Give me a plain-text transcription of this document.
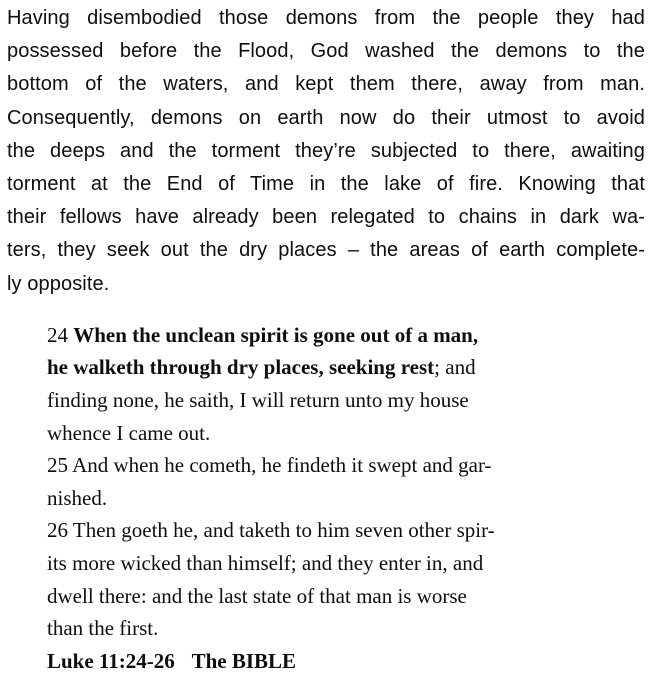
Having disembodied those demons from the people they had
possessed before the Flood, God washed the demons to the
bottom of the waters, and kept them there, away from man.
Consequently, demons on earth now do their utmost to avoid
the deeps and the torment they’re subjected to there, awaiting
torment at the End of Time in the lake of fire. Knowing that
their fellows have already been relegated to chains in dark wa-
ters, they seek out the dry places – the areas of earth complete-
ly opposite.
24 When the unclean spirit is gone out of a man,
he walketh through dry places, seeking rest; and
finding none, he saith, I will return unto my house
whence I came out.
25 And when he cometh, he findeth it swept and gar-
nished.
26 Then goeth he, and taketh to him seven other spir-
its more wicked than himself; and they enter in, and
dwell there: and the last state of that man is worse
than the first.
Luke 11:24-26 The BIBLE
